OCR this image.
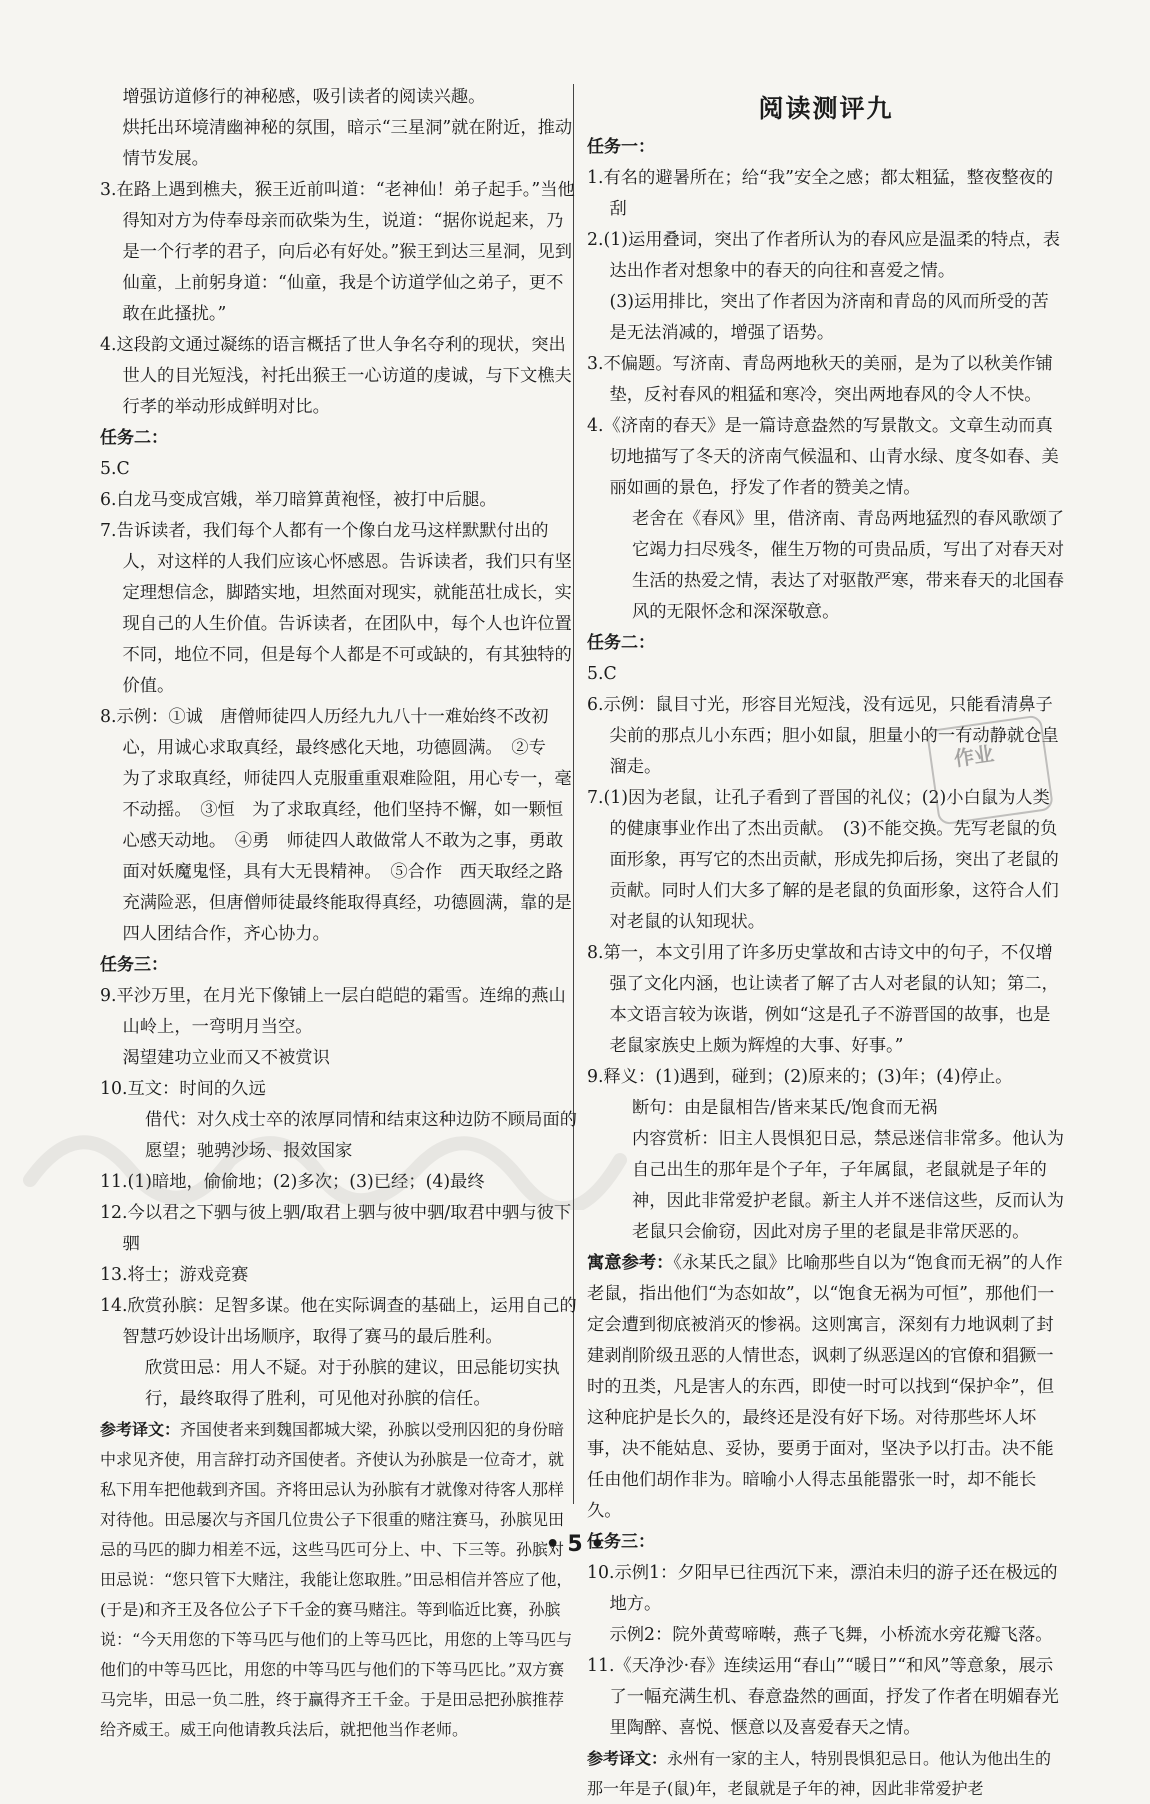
增强访道修行的神秘感，吸引读者的阅读兴趣。

烘托出环境清幽神秘的氛围，暗示“三星洞”就在附近，推动情节发展。

3.在路上遇到樵夫，猴王近前叫道：“老神仙！弟子起手。”当他得知对方为侍奉母亲而砍柴为生，说道：“据你说起来，乃是一个行孝的君子，向后必有好处。”猴王到达三星洞，见到仙童，上前躬身道：“仙童，我是个访道学仙之弟子，更不敢在此搔扰。”

4.这段韵文通过凝练的语言概括了世人争名夺利的现状，突出世人的目光短浅，衬托出猴王一心访道的虔诚，与下文樵夫行孝的举动形成鲜明对比。

任务二：

5.C

6.白龙马变成宫娥，举刀暗算黄袍怪，被打中后腿。

7.告诉读者，我们每个人都有一个像白龙马这样默默付出的人，对这样的人我们应该心怀感恩。告诉读者，我们只有坚定理想信念，脚踏实地，坦然面对现实，就能茁壮成长，实现自己的人生价值。告诉读者，在团队中，每个人也许位置不同，地位不同，但是每个人都是不可或缺的，有其独特的价值。

8.示例：①诚　唐僧师徒四人历经九九八十一难始终不改初心，用诚心求取真经，最终感化天地，功德圆满。　②专　为了求取真经，师徒四人克服重重艰难险阻，用心专一，毫不动摇。　③恒　为了求取真经，他们坚持不懈，如一颗恒心感天动地。　④勇　师徒四人敢做常人不敢为之事，勇敢面对妖魔鬼怪，具有大无畏精神。　⑤合作　西天取经之路充满险恶，但唐僧师徒最终能取得真经，功德圆满，靠的是四人团结合作，齐心协力。

任务三：

9.平沙万里，在月光下像铺上一层白皑皑的霜雪。连绵的燕山山岭上，一弯明月当空。

渴望建功立业而又不被赏识

10.互文：时间的久远

借代：对久戍士卒的浓厚同情和结束这种边防不顾局面的愿望；驰骋沙场、报效国家

11.(1)暗地，偷偷地；(2)多次；(3)已经；(4)最终

12.今以君之下驷与彼上驷/取君上驷与彼中驷/取君中驷与彼下驷

13.将士；游戏竞赛

14.欣赏孙膑：足智多谋。他在实际调查的基础上，运用自己的智慧巧妙设计出场顺序，取得了赛马的最后胜利。

欣赏田忌：用人不疑。对于孙膑的建议，田忌能切实执行，最终取得了胜利，可见他对孙膑的信任。

参考译文：齐国使者来到魏国都城大梁，孙膑以受刑囚犯的身份暗中求见齐使，用言辞打动齐国使者。齐使认为孙膑是一位奇才，就私下用车把他载到齐国。齐将田忌认为孙膑有才就像对待客人那样对待他。田忌屡次与齐国几位贵公子下很重的赌注赛马，孙膑见田忌的马匹的脚力相差不远，这些马匹可分上、中、下三等。孙膑对田忌说：“您只管下大赌注，我能让您取胜。”田忌相信并答应了他，(于是)和齐王及各位公子下千金的赛马赌注。等到临近比赛，孙膑说：“今天用您的下等马匹与他们的上等马匹比，用您的上等马匹与他们的中等马匹比，用您的中等马匹与他们的下等马匹比。”双方赛马完毕，田忌一负二胜，终于赢得齐王千金。于是田忌把孙膑推荐给齐威王。威王向他请教兵法后，就把他当作老师。

阅读测评九

任务一：

1.有名的避暑所在；给“我”安全之感；都太粗猛，整夜整夜的刮

2.(1)运用叠词，突出了作者所认为的春风应是温柔的特点，表达出作者对想象中的春天的向往和喜爱之情。

(3)运用排比，突出了作者因为济南和青岛的风而所受的苦是无法消减的，增强了语势。

3.不偏题。写济南、青岛两地秋天的美丽，是为了以秋美作铺垫，反衬春风的粗猛和寒冷，突出两地春风的令人不快。

4.《济南的春天》是一篇诗意盎然的写景散文。文章生动而真切地描写了冬天的济南气候温和、山青水绿、度冬如春、美丽如画的景色，抒发了作者的赞美之情。

老舍在《春风》里，借济南、青岛两地猛烈的春风歌颂了它竭力扫尽残冬，催生万物的可贵品质，写出了对春天对生活的热爱之情，表达了对驱散严寒，带来春天的北国春风的无限怀念和深深敬意。

任务二：

5.C

6.示例：鼠目寸光，形容目光短浅，没有远见，只能看清鼻子尖前的那点儿小东西；胆小如鼠，胆量小的一有动静就仓皇溜走。

7.(1)因为老鼠，让孔子看到了晋国的礼仪；(2)小白鼠为人类的健康事业作出了杰出贡献。　(3)不能交换。先写老鼠的负面形象，再写它的杰出贡献，形成先抑后扬，突出了老鼠的贡献。同时人们大多了解的是老鼠的负面形象，这符合人们对老鼠的认知现状。

8.第一，本文引用了许多历史掌故和古诗文中的句子，不仅增强了文化内涵，也让读者了解了古人对老鼠的认知；第二，本文语言较为诙谐，例如“这是孔子不游晋国的故事，也是老鼠家族史上颇为辉煌的大事、好事。”

9.释义：(1)遇到，碰到；(2)原来的；(3)年；(4)停止。

断句：由是鼠相告/皆来某氏/饱食而无祸

内容赏析：旧主人畏惧犯日忌，禁忌迷信非常多。他认为自己出生的那年是个子年，子年属鼠，老鼠就是子年的神，因此非常爱护老鼠。新主人并不迷信这些，反而认为老鼠只会偷窃，因此对房子里的老鼠是非常厌恶的。

寓意参考：《永某氏之鼠》比喻那些自以为“饱食而无祸”的人作老鼠，指出他们“为态如故”，以“饱食无祸为可恒”，那他们一定会遭到彻底被消灭的惨祸。这则寓言，深刻有力地讽刺了封建剥削阶级丑恶的人情世态，讽刺了纵恶逞凶的官僚和猖獗一时的丑类，凡是害人的东西，即使一时可以找到“保护伞”，但这种庇护是长久的，最终还是没有好下场。对待那些坏人坏事，决不能姑息、妥协，要勇于面对，坚决予以打击。决不能任由他们胡作非为。暗喻小人得志虽能嚣张一时，却不能长久。

任务三：

10.示例1：夕阳早已往西沉下来，漂泊未归的游子还在极远的地方。

示例2：院外黄莺啼啭，燕子飞舞，小桥流水旁花瓣飞落。

11.《天净沙·春》连续运用“春山”“暖日”“和风”等意象，展示了一幅充满生机、春意盎然的画面，抒发了作者在明媚春光里陶醉、喜悦、惬意以及喜爱春天之情。

参考译文：永州有一家的主人，特别畏惧犯忌日。他认为他出生的那一年是子(鼠)年，老鼠就是子年的神，因此非常爱护老

作业
• 5 •
